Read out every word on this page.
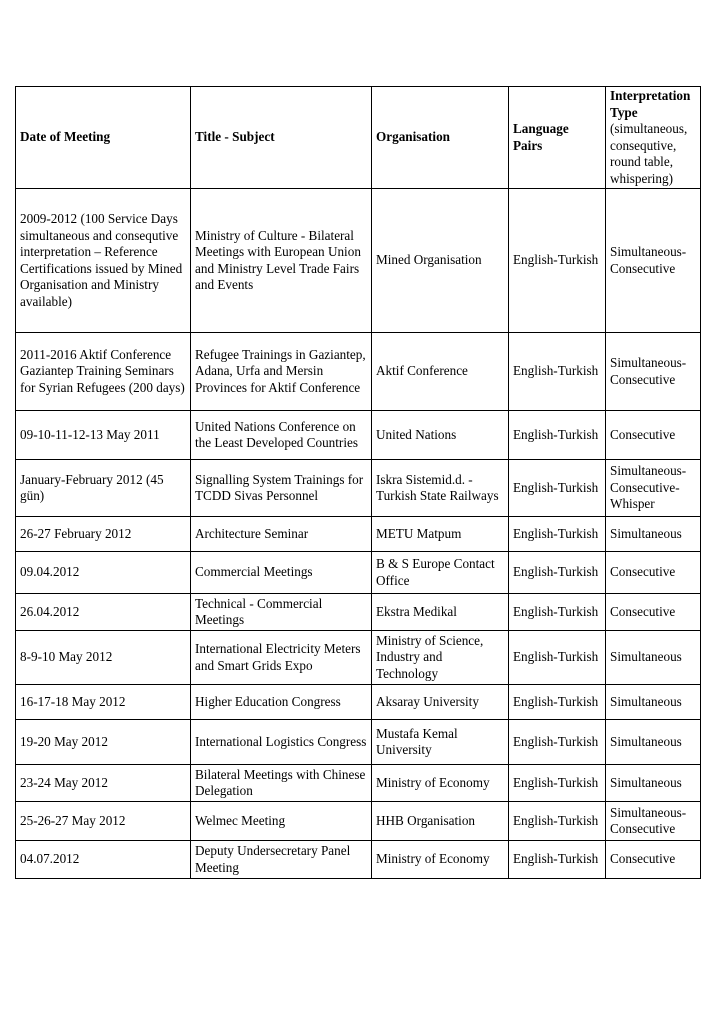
Date of Meeting	Title - Subject	Organisation	Language Pairs	Interpretation Type
(simultaneous, consequtive, round table, whispering)

2009-2012 (100 Service Days simultaneous and consequtive interpretation – Reference Certifications issued by Mined Organisation and Ministry available)	Ministry of Culture - Bilateral Meetings with European Union and Ministry Level Trade Fairs and Events	Mined Organisation	English-Turkish	Simultaneous-Consecutive
2011-2016 Aktif Conference Gaziantep Training Seminars for Syrian Refugees (200 days)	Refugee Trainings in Gaziantep, Adana, Urfa and Mersin Provinces for Aktif Conference	Aktif Conference	English-Turkish	Simultaneous-Consecutive
09-10-11-12-13 May 2011	United Nations Conference on the Least Developed Countries	United Nations	English-Turkish	Consecutive
January-February 2012 (45 gün)	Signalling System Trainings for TCDD Sivas Personnel	Iskra Sistemid.d. - Turkish State Railways	English-Turkish	Simultaneous-Consecutive-Whisper
26-27 February 2012	Architecture Seminar	METU Matpum	English-Turkish	Simultaneous
09.04.2012	Commercial Meetings	B & S Europe Contact Office	English-Turkish	Consecutive
26.04.2012	Technical - Commercial Meetings	Ekstra Medikal	English-Turkish	Consecutive
8-9-10 May 2012	International Electricity Meters and Smart Grids Expo	Ministry of Science, Industry and Technology	English-Turkish	Simultaneous
16-17-18 May 2012	Higher Education Congress	Aksaray University	English-Turkish	Simultaneous
19-20 May 2012	International Logistics Congress	Mustafa Kemal University	English-Turkish	Simultaneous
23-24 May 2012	Bilateral Meetings with Chinese Delegation	Ministry of Economy	English-Turkish	Simultaneous
25-26-27 May 2012	Welmec Meeting	HHB Organisation	English-Turkish	Simultaneous-Consecutive
04.07.2012	Deputy Undersecretary Panel Meeting	Ministry of Economy	English-Turkish	Consecutive
